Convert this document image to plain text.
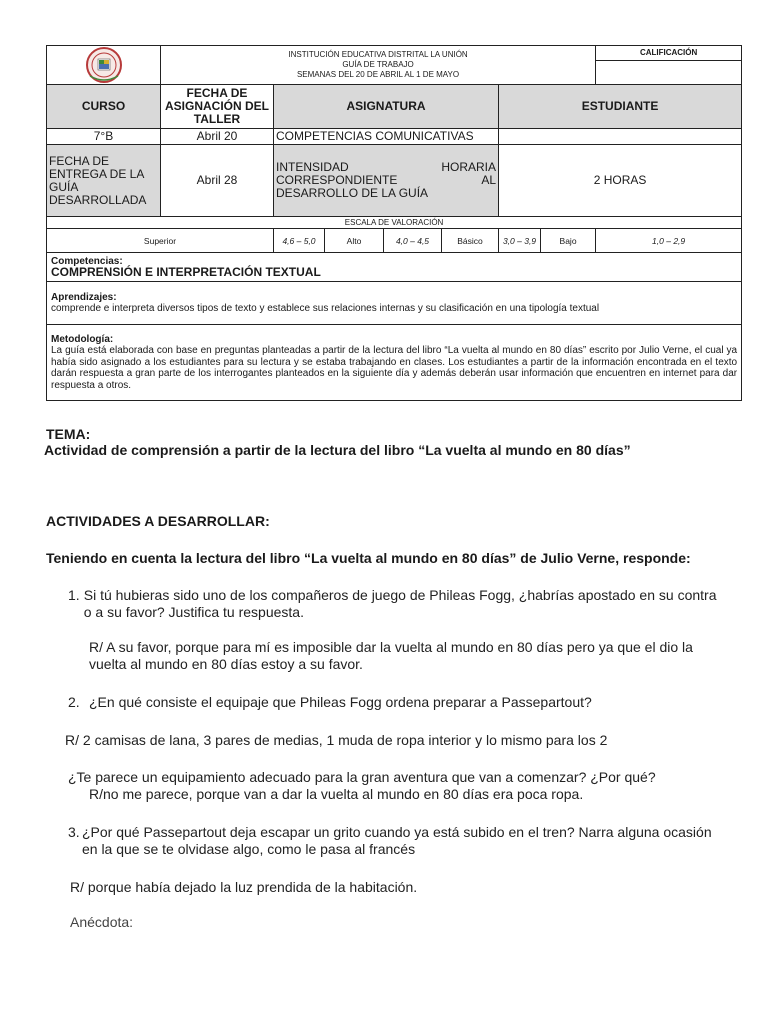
INSTITUCIÓN EDUCATIVA DISTRITAL LA UNIÓN
GUÍA DE TRABAJO
SEMANAS DEL 20 DE ABRIL AL 1 DE MAYO							CALIFICACIÓN

CURSO	FECHA DE ASIGNACIÓN DEL TALLER	ASIGNATURA				ESTUDIANTE		
7°B	Abril 20	COMPETENCIAS COMUNICATIVAS						
FECHA DE ENTREGA DE LA GUÍA DESARROLLADA	Abril 28	INTENSIDAD HORARIA CORRESPONDIENTE AL DESARROLLO DE LA GUÍA				2 HORAS		
ESCALA DE VALORACIÓN								
Superior		4,6 – 5,0	Alto	4,0 – 4,5	Básico	3,0 – 3,9	Bajo	1,0 – 2,9

Competencias:
COMPRENSIÓN E INTERPRETACIÓN TEXTUAL								

Aprendizajes:
comprende e interpreta diversos tipos de texto y establece sus relaciones internas y su clasificación en una tipología textual								

Metodología:
La guía está elaborada con base en preguntas planteadas a partir de la lectura del libro “La vuelta al mundo en 80 días” escrito por Julio Verne, el cual ya había sido asignado a los estudiantes para su lectura y se estaba trabajando en clases. Los estudiantes a partir de la información encontrada en el texto darán respuesta a gran parte de los interrogantes planteados en la siguiente día y además deberán usar información que encuentren en internet para dar respuesta a otros.								

TEMA:

Actividad de comprensión a partir de la lectura del libro “La vuelta al mundo en 80 días”

ACTIVIDADES A DESARROLLAR:

Teniendo en cuenta la lectura del libro “La vuelta al mundo en 80 días” de Julio Verne, responde:

1. Si tú hubieras sido uno de los compañeros de juego de Phileas Fogg, ¿habrías apostado en su contra o a su favor? Justifica tu respuesta.

R/ A su favor, porque para mí es imposible dar la vuelta al mundo en 80 días pero ya que el dio la vuelta al mundo en 80 días estoy a su favor.

2. ¿En qué consiste el equipaje que Phileas Fogg ordena preparar a Passepartout?

R/ 2 camisas de lana, 3 pares de medias, 1 muda de ropa interior y lo mismo para los 2

¿Te parece un equipamiento adecuado para la gran aventura que van a comenzar? ¿Por qué?

R/no me parece, porque van a dar la vuelta al mundo en 80 días era poca ropa.

3. ¿Por qué Passepartout deja escapar un grito cuando ya está subido en el tren? Narra alguna ocasión en la que se te olvidase algo, como le pasa al francés

R/ porque había dejado la luz prendida de la habitación.

Anécdota:
